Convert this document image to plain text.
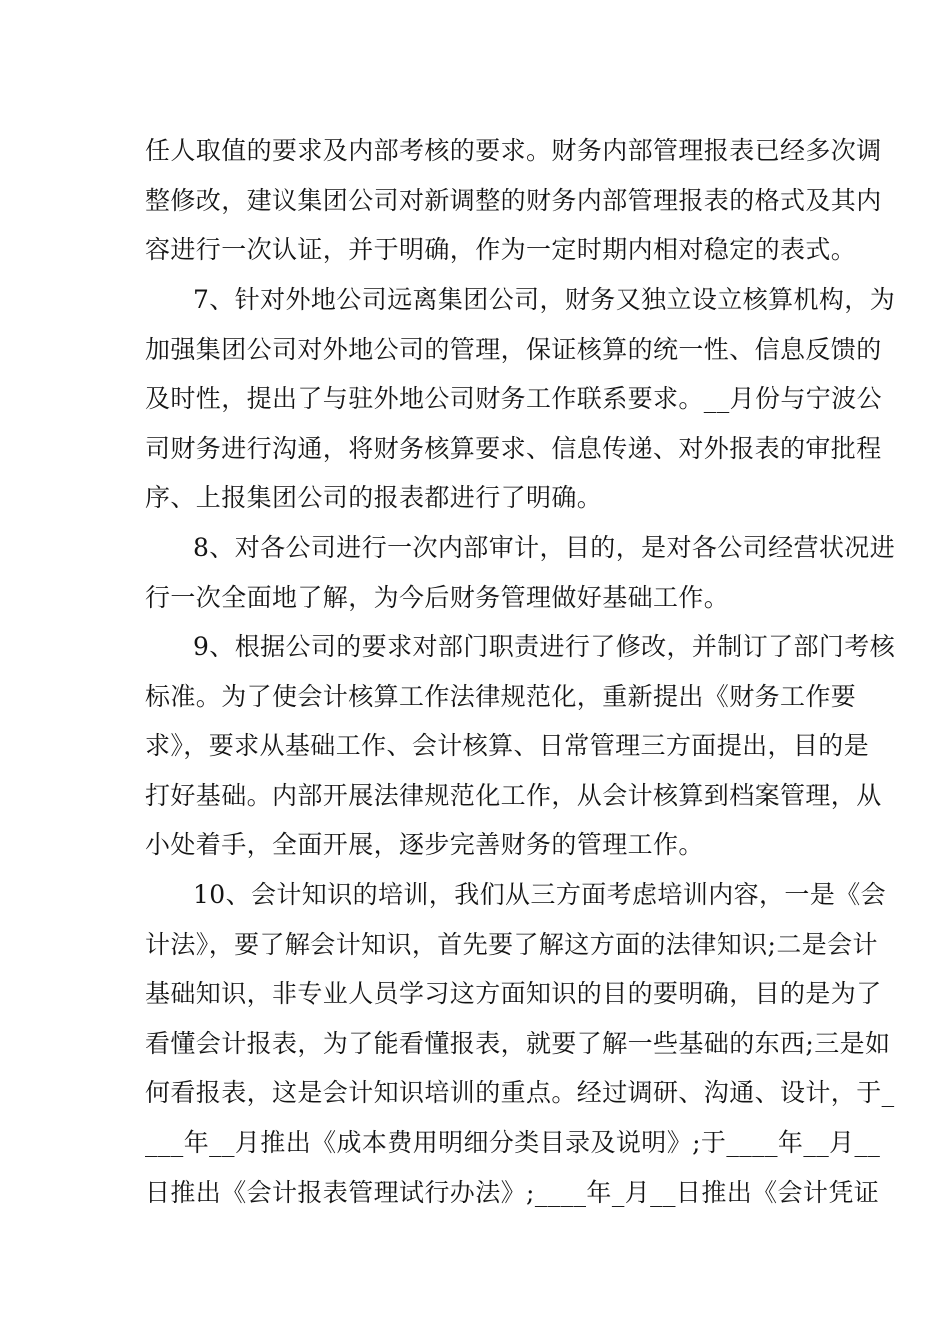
任人取值的要求及内部考核的要求。财务内部管理报表已经多次调
整修改，建议集团公司对新调整的财务内部管理报表的格式及其内
容进行一次认证，并于明确，作为一定时期内相对稳定的表式。
7、针对外地公司远离集团公司，财务又独立设立核算机构，为
加强集团公司对外地公司的管理，保证核算的统一性、信息反馈的
及时性，提出了与驻外地公司财务工作联系要求。__月份与宁波公
司财务进行沟通，将财务核算要求、信息传递、对外报表的审批程
序、上报集团公司的报表都进行了明确。
8、对各公司进行一次内部审计，目的，是对各公司经营状况进
行一次全面地了解，为今后财务管理做好基础工作。
9、根据公司的要求对部门职责进行了修改，并制订了部门考核
标准。为了使会计核算工作法律规范化，重新提出《财务工作要
求》，要求从基础工作、会计核算、日常管理三方面提出，目的是
打好基础。内部开展法律规范化工作，从会计核算到档案管理，从
小处着手，全面开展，逐步完善财务的管理工作。
10、会计知识的培训，我们从三方面考虑培训内容，一是《会
计法》，要了解会计知识，首先要了解这方面的法律知识;二是会计
基础知识，非专业人员学习这方面知识的目的要明确，目的是为了
看懂会计报表，为了能看懂报表，就要了解一些基础的东西;三是如
何看报表，这是会计知识培训的重点。经过调研、沟通、设计，于_
___年__月推出《成本费用明细分类目录及说明》;于____年__月__
日推出《会计报表管理试行办法》;____年_月__日推出《会计凭证
